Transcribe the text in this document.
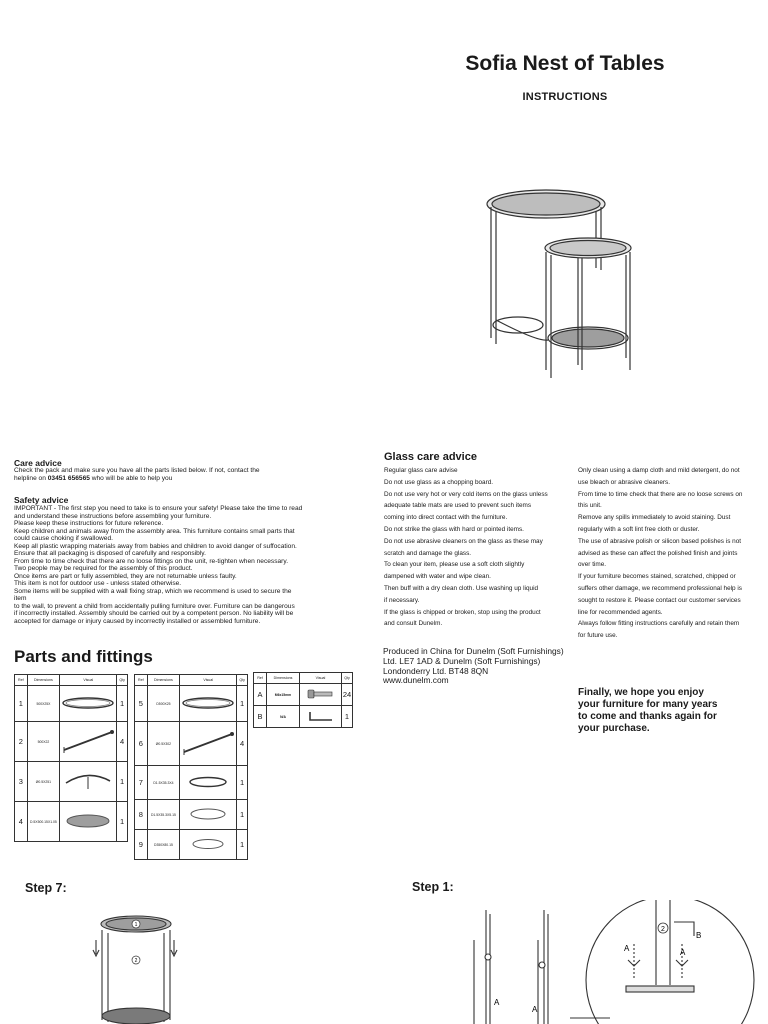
Sofia Nest of Tables
INSTRUCTIONS
Care advice
Check the pack and make sure you have all the parts listed below. If not, contact the
helpline on 03451 656565 who will be able to help you
Safety advice
IMPORTANT - The first step you need to take is to ensure your safety! Please take the time to read
and understand these instructions before assembling your furniture.
Please keep these instructions for future reference.
Keep children and animals away from the assembly area. This furniture contains small parts that
could cause choking if swallowed.
Keep all plastic wrapping materials away from babies and children to avoid danger of suffocation.
Ensure that all packaging is disposed of carefully and responsibly.
From time to time check that there are no loose fittings on the unit, re-tighten when necessary.
Two people may be required for the assembly of this product.
Once items are part or fully assembled, they are not returnable unless faulty.
This item is not for outdoor use - unless stated otherwise.
Some items will be supplied with a wall fixing strap, which we recommend is used to secure the
item
to the wall, to prevent a child from accidentally pulling furniture over. Furniture can be dangerous
if incorrectly installed. Assembly should be carried out by a competent person. No liability will be
accepted for damage or injury caused by incorrectly installed or assembled furniture.
Glass care advice
Regular glass care advise
Do not use glass as a chopping board.
Do not use very hot or very cold items on the glass unless
adequate table mats are used to prevent such items
coming into direct contact with the furniture.
Do not strike the glass with hard or pointed items.
Do not use abrasive cleaners on the glass as these may
scratch and damage the glass.
To clean your item, please use a soft cloth slightly
dampened with water and wipe clean.
Then buff with a dry clean cloth. Use washing up liquid
if necessary.
If the glass is chipped or broken, stop using the product
and consult Dunelm.
Only clean using a damp cloth and mild detergent, do not
use bleach or abrasive cleaners.
From time to time check that there are no loose screws on
this unit.
Remove any spills immediately to avoid staining. Dust
regularly with a soft lint free cloth or duster.
The use of abrasive polish or silicon based polishes is not
advised as these can affect the polished finish and joints
over time.
If your furniture becomes stained, scratched, chipped or
suffers other damage, we recommend professional help is
sought to restore it. Please contact our customer services
line for recommended agents.
Always follow fitting instructions carefully and retain them
for future use.
Parts and fittings
Ref	Dimensions	Visual	Qty
1	500X25X		1
2	500X22		4
3	Ø0.5X251		1
4	D.5X500.15X1.05		1
Ref	Dimensions	Visual	Qty
5	D500X25		1
6	Ø0.5X302		4
7	D1.5X35.3X4		1
8	D1.5X35.3X5.15		1
9	D350X80.15		1
Ref	Dimensions	Visual	Qty
A	M6x15mm		24
B	N/A		1
Produced in China for Dunelm (Soft Furnishings)
Ltd. LE7 1AD & Dunelm (Soft Furnishings)
Londonderry Ltd. BT48 8QN
www.dunelm.com
Finally, we hope you enjoy
your furniture for many years
to come and thanks again for
your purchase.
Step 7:	Step 1:
1
2
2
A	A
B
A
A
